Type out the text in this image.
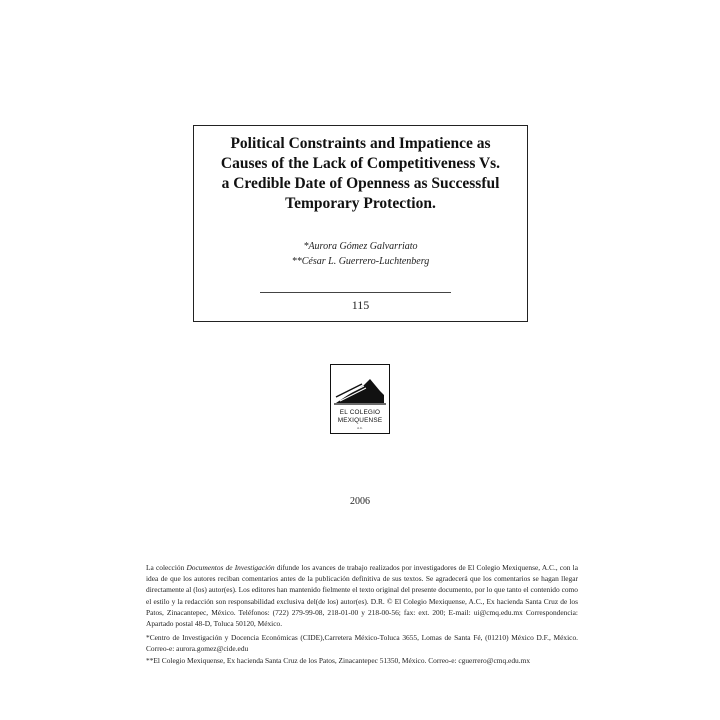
Political Constraints and Impatience as
Causes of the Lack of Competitiveness Vs.
a Credible Date of Openness as Successful
Temporary Protection.
*Aurora Gómez Galvarriato
**César L. Guerrero-Luchtenberg
115
EL COLEGIO
MEXIQUENSE
A.C.
2006

La colección Documentos de Investigación difunde los avances de trabajo realizados por investigadores de El Colegio Mexiquense, A.C., con la idea de que los autores reciban comentarios antes de la publicación definitiva de sus textos. Se agradecerá que los comentarios se hagan llegar directamente al (los) autor(es). Los editores han mantenido fielmente el texto original del presente documento, por lo que tanto el contenido como el estilo y la redacción son responsabilidad exclusiva del(de los) autor(es). D.R. © El Colegio Mexiquense, A.C., Ex hacienda Santa Cruz de los Patos, Zinacantepec, México. Teléfonos: (722) 279-99-08, 218-01-00 y 218-00-56; fax: ext. 200; E-mail: ui@cmq.edu.mx Correspondencia: Apartado postal 48-D, Toluca 50120, México.

*Centro de Investigación y Docencia Económicas (CIDE),Carretera México-Toluca 3655, Lomas de Santa Fé, (01210) México D.F., México. Correo-e: aurora.gomez@cide.edu

**El Colegio Mexiquense, Ex hacienda Santa Cruz de los Patos, Zinacantepec 51350, México. Correo-e: cguerrero@cmq.edu.mx
